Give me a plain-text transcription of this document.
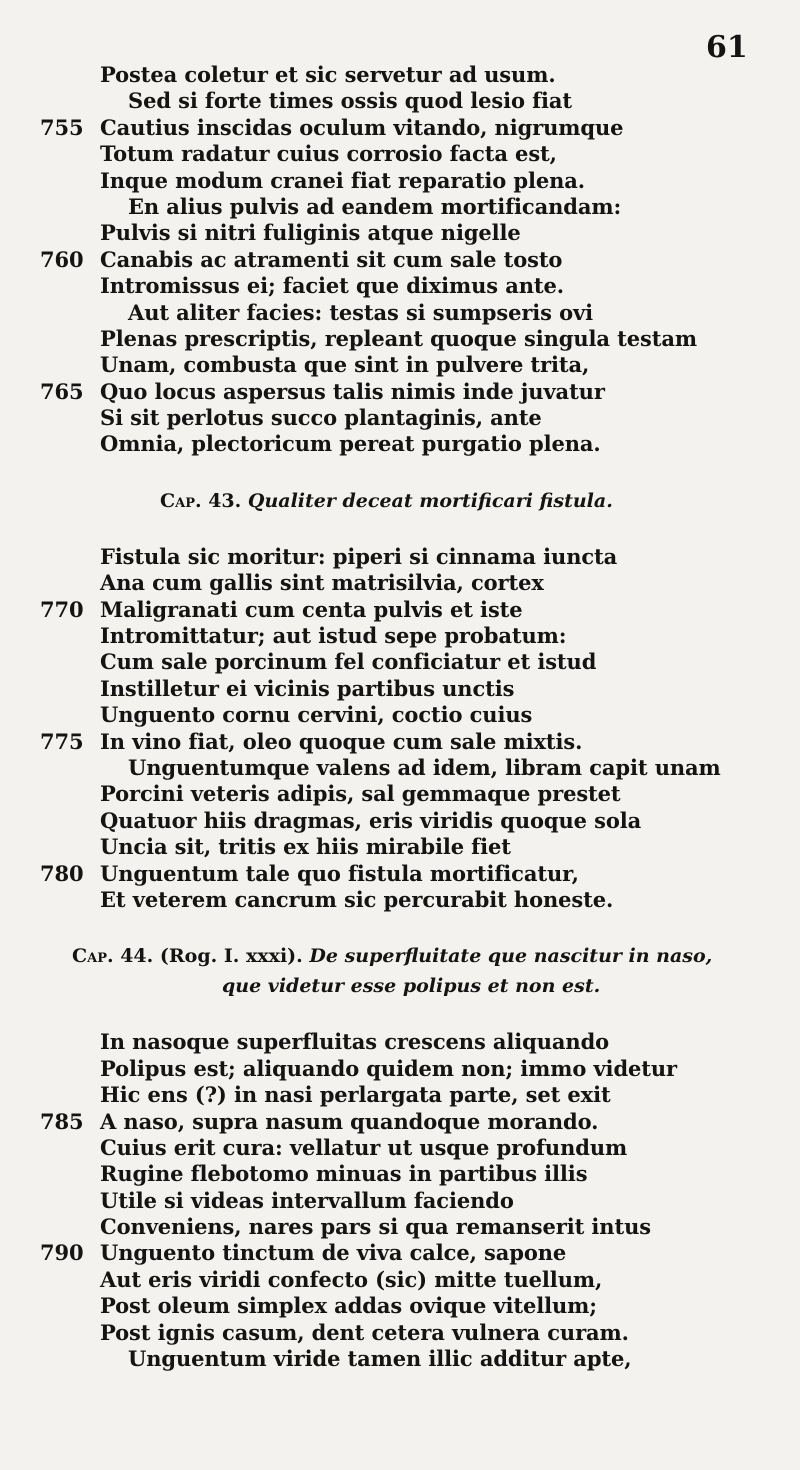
61
Postea coletur et sic servetur ad usum.
Sed si forte times ossis quod lesio fiat
755 Cautius inscidas oculum vitando, nigrumque
Totum radatur cuius corrosio facta est,
Inque modum cranei fiat reparatio plena.
En alius pulvis ad eandem mortificandam:
Pulvis si nitri fuliginis atque nigelle
760 Canabis ac atramenti sit cum sale tosto
Intromissus ei; faciet que diximus ante.
Aut aliter facies: testas si sumpseris ovi
Plenas prescriptis, repleant quoque singula testam
Unam, combusta que sint in pulvere trita,
765 Quo locus aspersus talis nimis inde juvatur
Si sit perlotus succo plantaginis, ante
Omnia, plectoricum pereat purgatio plena.
Cap. 43. Qualiter deceat mortificari fistula.
Fistula sic moritur: piperi si cinnama iuncta
Ana cum gallis sint matrisilvia, cortex
770 Maligranati cum centa pulvis et iste
Intromittatur; aut istud sepe probatum:
Cum sale porcinum fel conficiatur et istud
Instilletur ei vicinis partibus unctis
Unguento cornu cervini, coctio cuius
775 In vino fiat, oleo quoque cum sale mixtis.
Unguentumque valens ad idem, libram capit unam
Porcini veteris adipis, sal gemmaque prestet
Quatuor hiis dragmas, eris viridis quoque sola
Uncia sit, tritis ex hiis mirabile fiet
780 Unguentum tale quo fistula mortificatur,
Et veterem cancrum sic percurabit honeste.
Cap. 44. (Rog. I. xxxi). De superfluitate que nascitur in naso,
que videtur esse polipus et non est.
In nasoque superfluitas crescens aliquando
Polipus est; aliquando quidem non; immo videtur
Hic ens (?) in nasi perlargata parte, set exit
785 A naso, supra nasum quandoque morando.
Cuius erit cura: vellatur ut usque profundum
Rugine flebotomo minuas in partibus illis
Utile si videas intervallum faciendo
Conveniens, nares pars si qua remanserit intus
790 Unguento tinctum de viva calce, sapone
Aut eris viridi confecto (sic) mitte tuellum,
Post oleum simplex addas ovique vitellum;
Post ignis casum, dent cetera vulnera curam.
Unguentum viride tamen illic additur apte,
